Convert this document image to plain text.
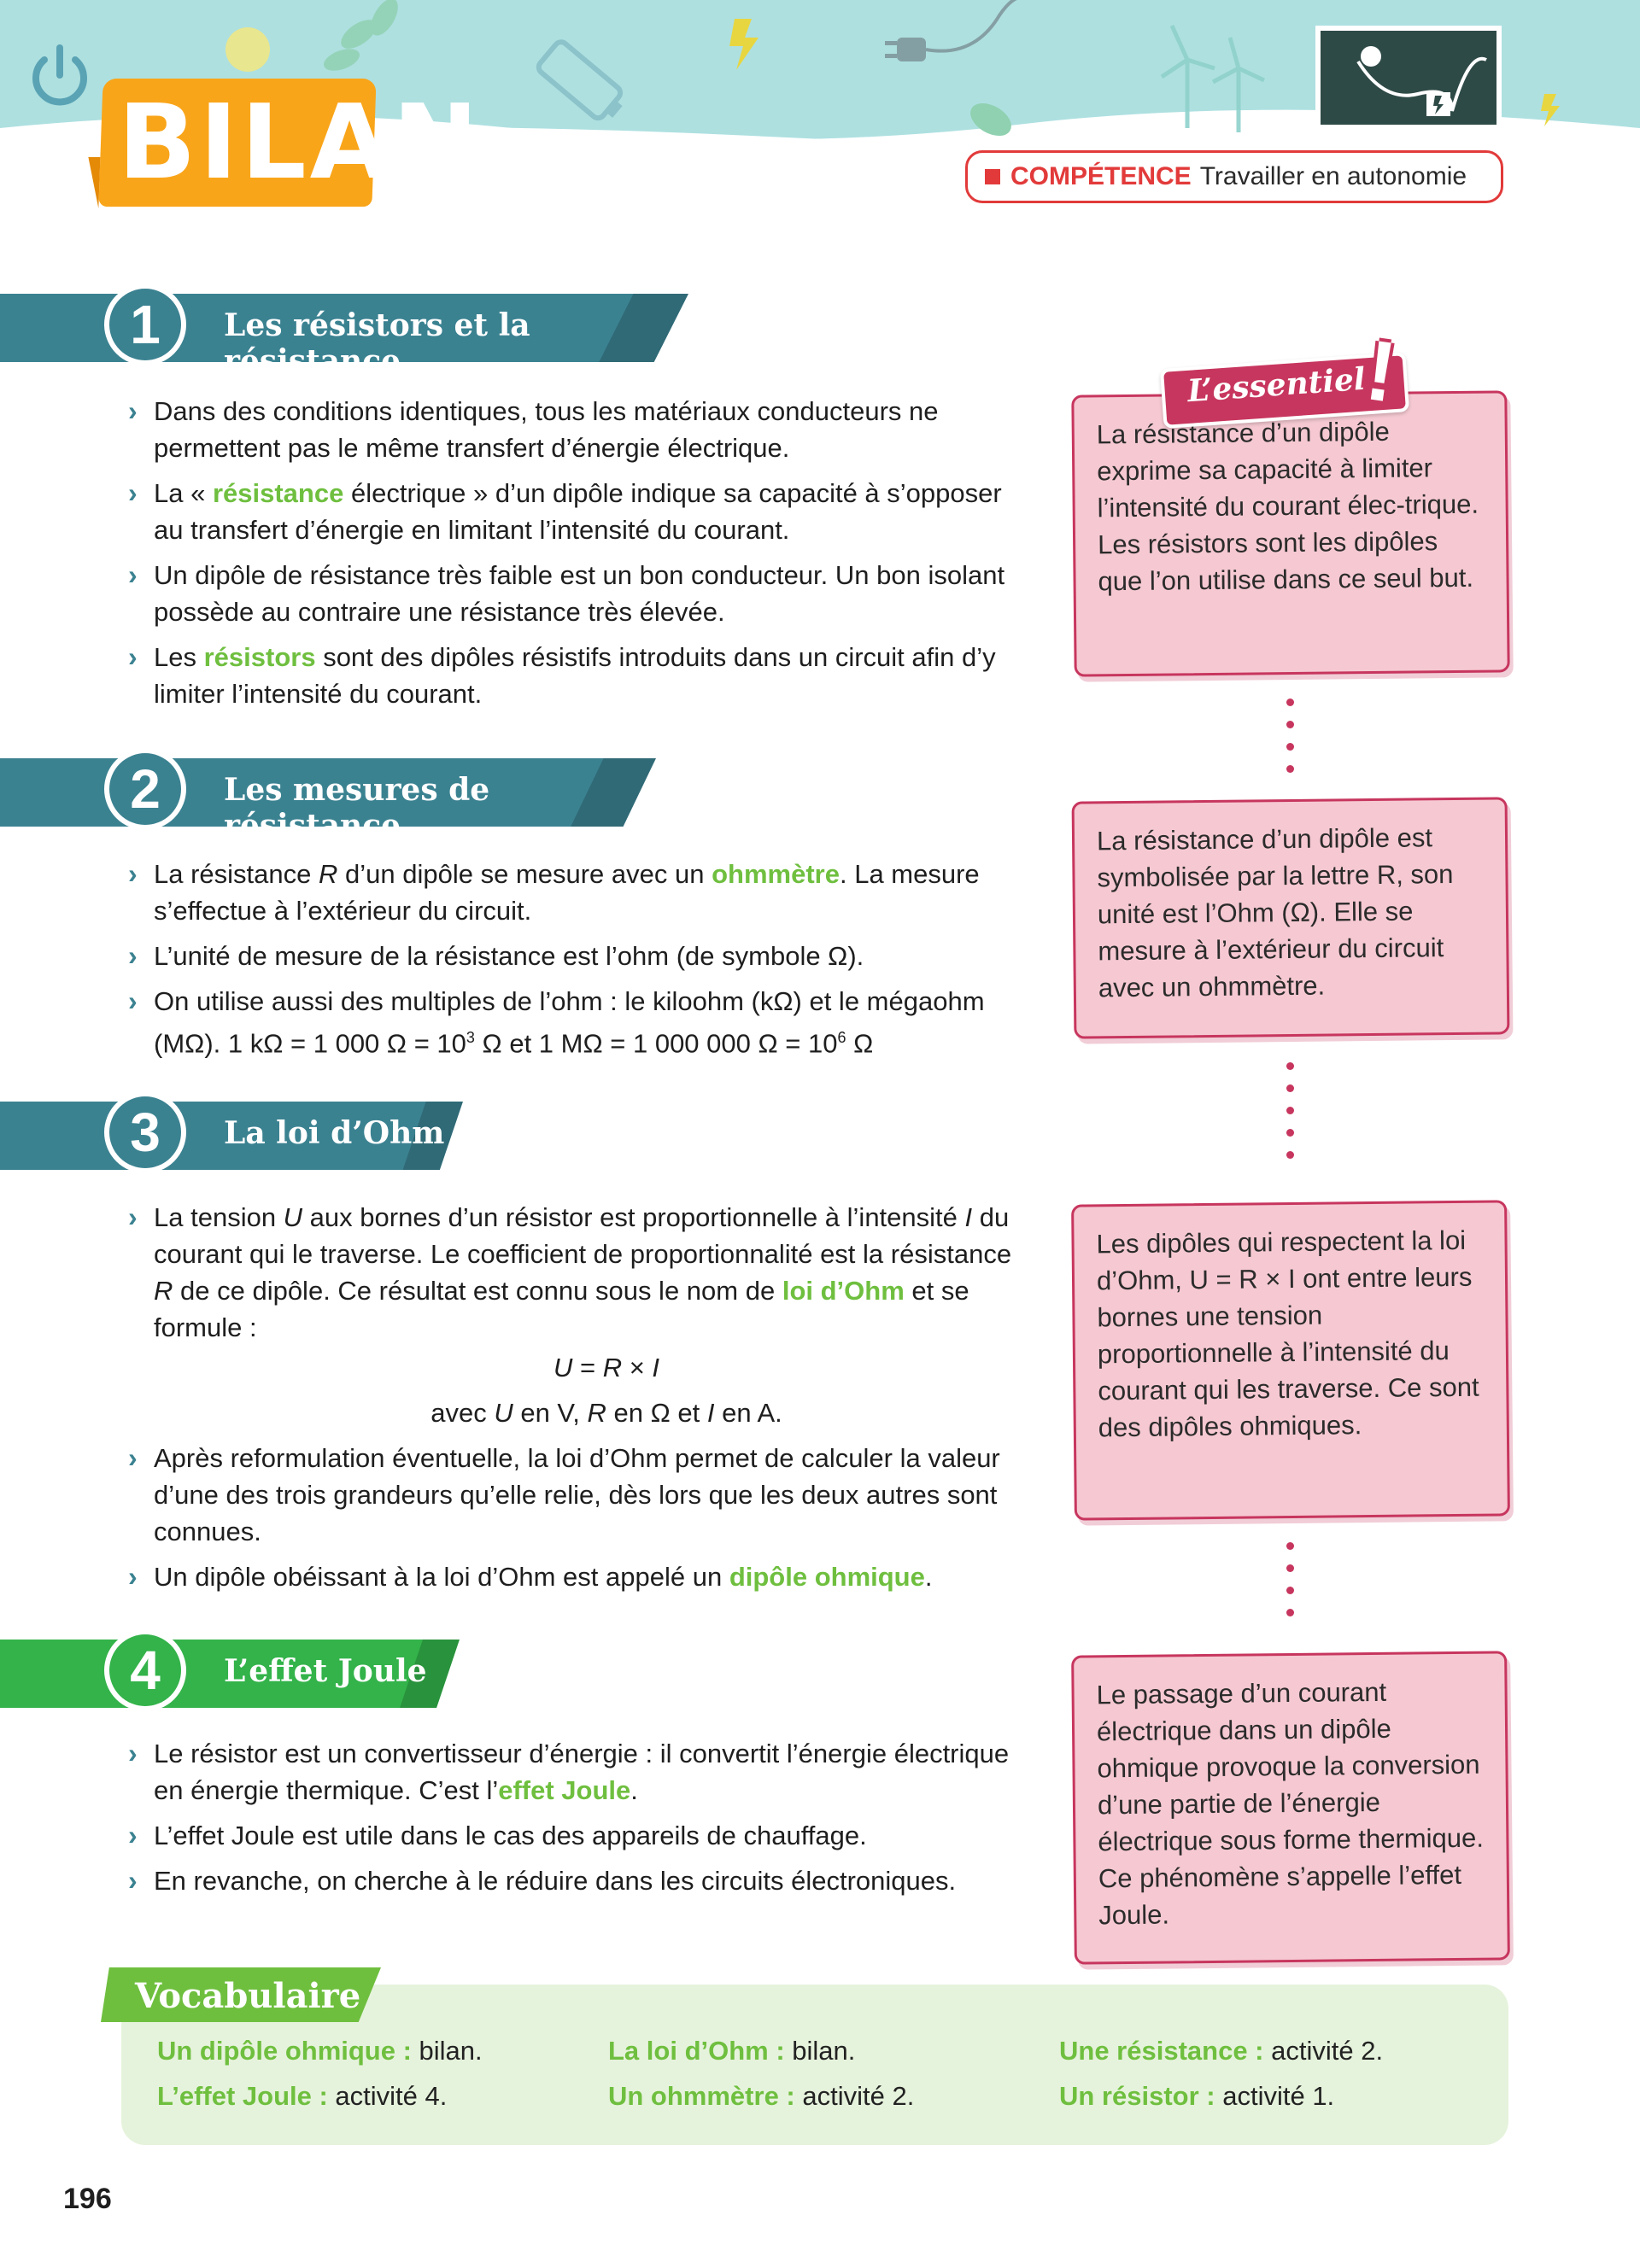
BILAN	COMPÉTENCE Travailler en autonomie
1	Les résistors et la résistance
› Dans des conditions identiques, tous les matériaux conducteurs ne permettent pas le même transfert d’énergie électrique.
› La « résistance électrique » d’un dipôle indique sa capacité à s’opposer au transfert d’énergie en limitant l’intensité du courant.
› Un dipôle de résistance très faible est un bon conducteur. Un bon isolant possède au contraire une résistance très élevée.
› Les résistors sont des dipôles résistifs introduits dans un circuit afin d’y limiter l’intensité du courant.
2	Les mesures de résistance
› La résistance R d’un dipôle se mesure avec un ohmmètre. La mesure s’effectue à l’extérieur du circuit.
› L’unité de mesure de la résistance est l’ohm (de symbole Ω).
› On utilise aussi des multiples de l’ohm : le kiloohm (kΩ) et le mégaohm (MΩ). 1 kΩ = 1 000 $\Omega = 10^3$ Ω et 1 MΩ = 1 000 000 $\Omega = 10^6$ Ω
3	La loi d’Ohm
› La tension U aux bornes d’un résistor est proportionnelle à l’intensité I du courant qui le traverse. Le coefficient de proportionnalité est la résistance R de ce dipôle. Ce résultat est connu sous le nom de loi d’Ohm et se formule :
U = R × I
avec U en V, R en Ω et I en A.
› Après reformulation éventuelle, la loi d’Ohm permet de calculer la valeur d’une des trois grandeurs qu’elle relie, dès lors que les deux autres sont connues.
› Un dipôle obéissant à la loi d’Ohm est appelé un dipôle ohmique.
4	L’effet Joule
› Le résistor est un convertisseur d’énergie : il convertit l’énergie électrique en énergie thermique. C’est l’effet Joule.
› L’effet Joule est utile dans le cas des appareils de chauffage.
› En revanche, on cherche à le réduire dans les circuits électroniques.
La résistance d’un dipôle exprime sa capacité à limiter l’intensité du courant élec-trique. Les résistors sont les dipôles que l’on utilise dans ce seul but.
L’essentiel
!
La résistance d’un dipôle est symbolisée par la lettre R, son unité est l’Ohm (Ω). Elle se mesure à l’extérieur du circuit avec un ohmmètre.
Les dipôles qui respectent la loi d’Ohm, U = R × I ont entre leurs bornes une tension proportionnelle à l’intensité du courant qui les traverse. Ce sont des dipôles ohmiques.
Le passage d’un courant électrique dans un dipôle ohmique provoque la conversion d’une partie de l’énergie électrique sous forme thermique. Ce phénomène s’appelle l’effet Joule.
Vocabulaire
Un dipôle ohmique : bilan.	La loi d’Ohm : bilan.	Une résistance : activité 2.
L’effet Joule : activité 4.	Un ohmmètre : activité 2.	Un résistor : activité 1.
196
